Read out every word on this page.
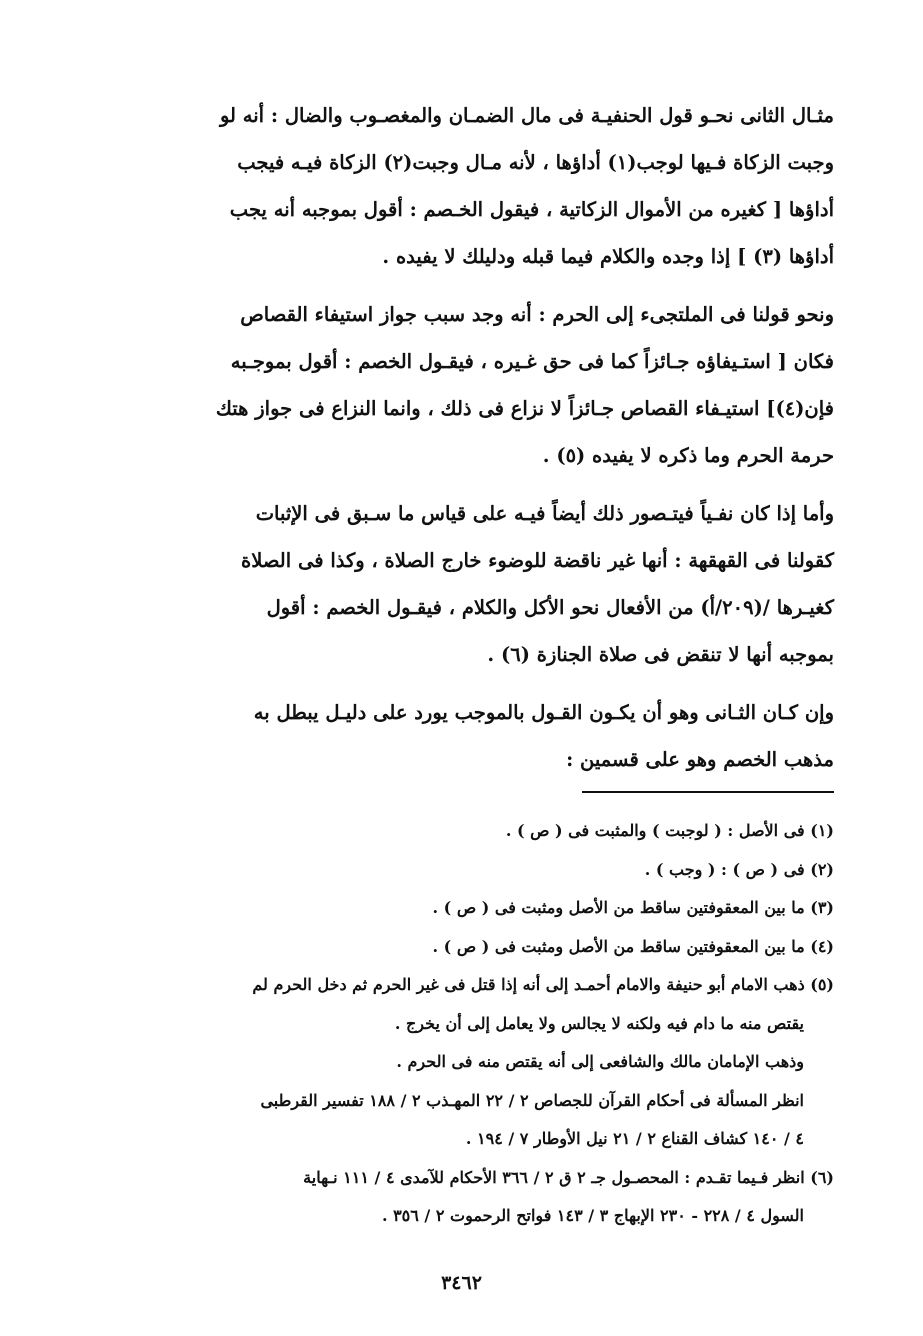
مثـال الثانى نحـو قول الحنفيـة فى مال الضمـان والمغصـوب والضال : أنه لو

وجبت الزكاة فـيها لوجب(١) أداؤها ، لأنه مـال وجبت(٢) الزكاة فيـه فيجب

أداؤها [ كغيره من الأموال الزكاتية ، فيقول الخـصم : أقول بموجبه أنه يجب

أداؤها (٣) ] إذا وجده والكلام فيما قبله ودليلك لا يفيده .

ونحو قولنا فى الملتجىء إلى الحرم : أنه وجد سبب جواز استيفاء القصاص

فكان [ استـيفاؤه جـائزاً كما فى حق غـيره ، فيقـول الخصم : أقول بموجـبه

فإن(٤)] استيـفاء القصاص جـائزاً لا نزاع فى ذلك ، وانما النزاع فى جواز هتك

حرمة الحرم وما ذكره لا يفيده (٥) .

وأما إذا كان نفـياً فيتـصور ذلك أيضاً فيـه على قياس ما سـبق فى الإثبات

كقولنا فى القهقهة : أنها غير ناقضة للوضوء خارج الصلاة ، وكذا فى الصلاة

كغيـرها /(٢٠٩/أ) من الأفعال نحو الأكل والكلام ، فيقـول الخصم : أقول

بموجبه أنها لا تنقض فى صلاة الجنازة (٦) .

وإن كـان الثـانى وهو أن يكـون القـول بالموجب يورد على دليـل يبطل به

مذهب الخصم وهو على قسمين :

(١) فى الأصل : ( لوجبت ) والمثبت فى ( ص ) .

(٢) فى ( ص ) : ( وجب ) .

(٣) ما بين المعقوفتين ساقط من الأصل ومثبت فى ( ص ) .

(٤) ما بين المعقوفتين ساقط من الأصل ومثبت فى ( ص ) .

(٥) ذهب الامام أبو حنيفة والامام أحمـد إلى أنه إذا قتل فى غير الحرم ثم دخل الحرم لم

يقتص منه ما دام فيه ولكنه لا يجالس ولا يعامل إلى أن يخرج .

وذهب الإمامان مالك والشافعى إلى أنه يقتص منه فى الحرم .

انظر المسألة فى أحكام القرآن للجصاص ٢ / ٢٢ المهـذب ٢ / ١٨٨ تفسير القرطبى

٤ / ١٤٠ كشاف القناع ٢ / ٢١ نيل الأوطار ٧ / ١٩٤ .

(٦) انظر فـيما تقـدم : المحصـول جـ ٢ ق ٢ / ٣٦٦ الأحكام للآمدى ٤ / ١١١ نـهاية

السول ٤ / ٢٢٨ - ٢٣٠ الإبهاج ٣ / ١٤٣ فواتح الرحموت ٢ / ٣٥٦ .

٣٤٦٢
